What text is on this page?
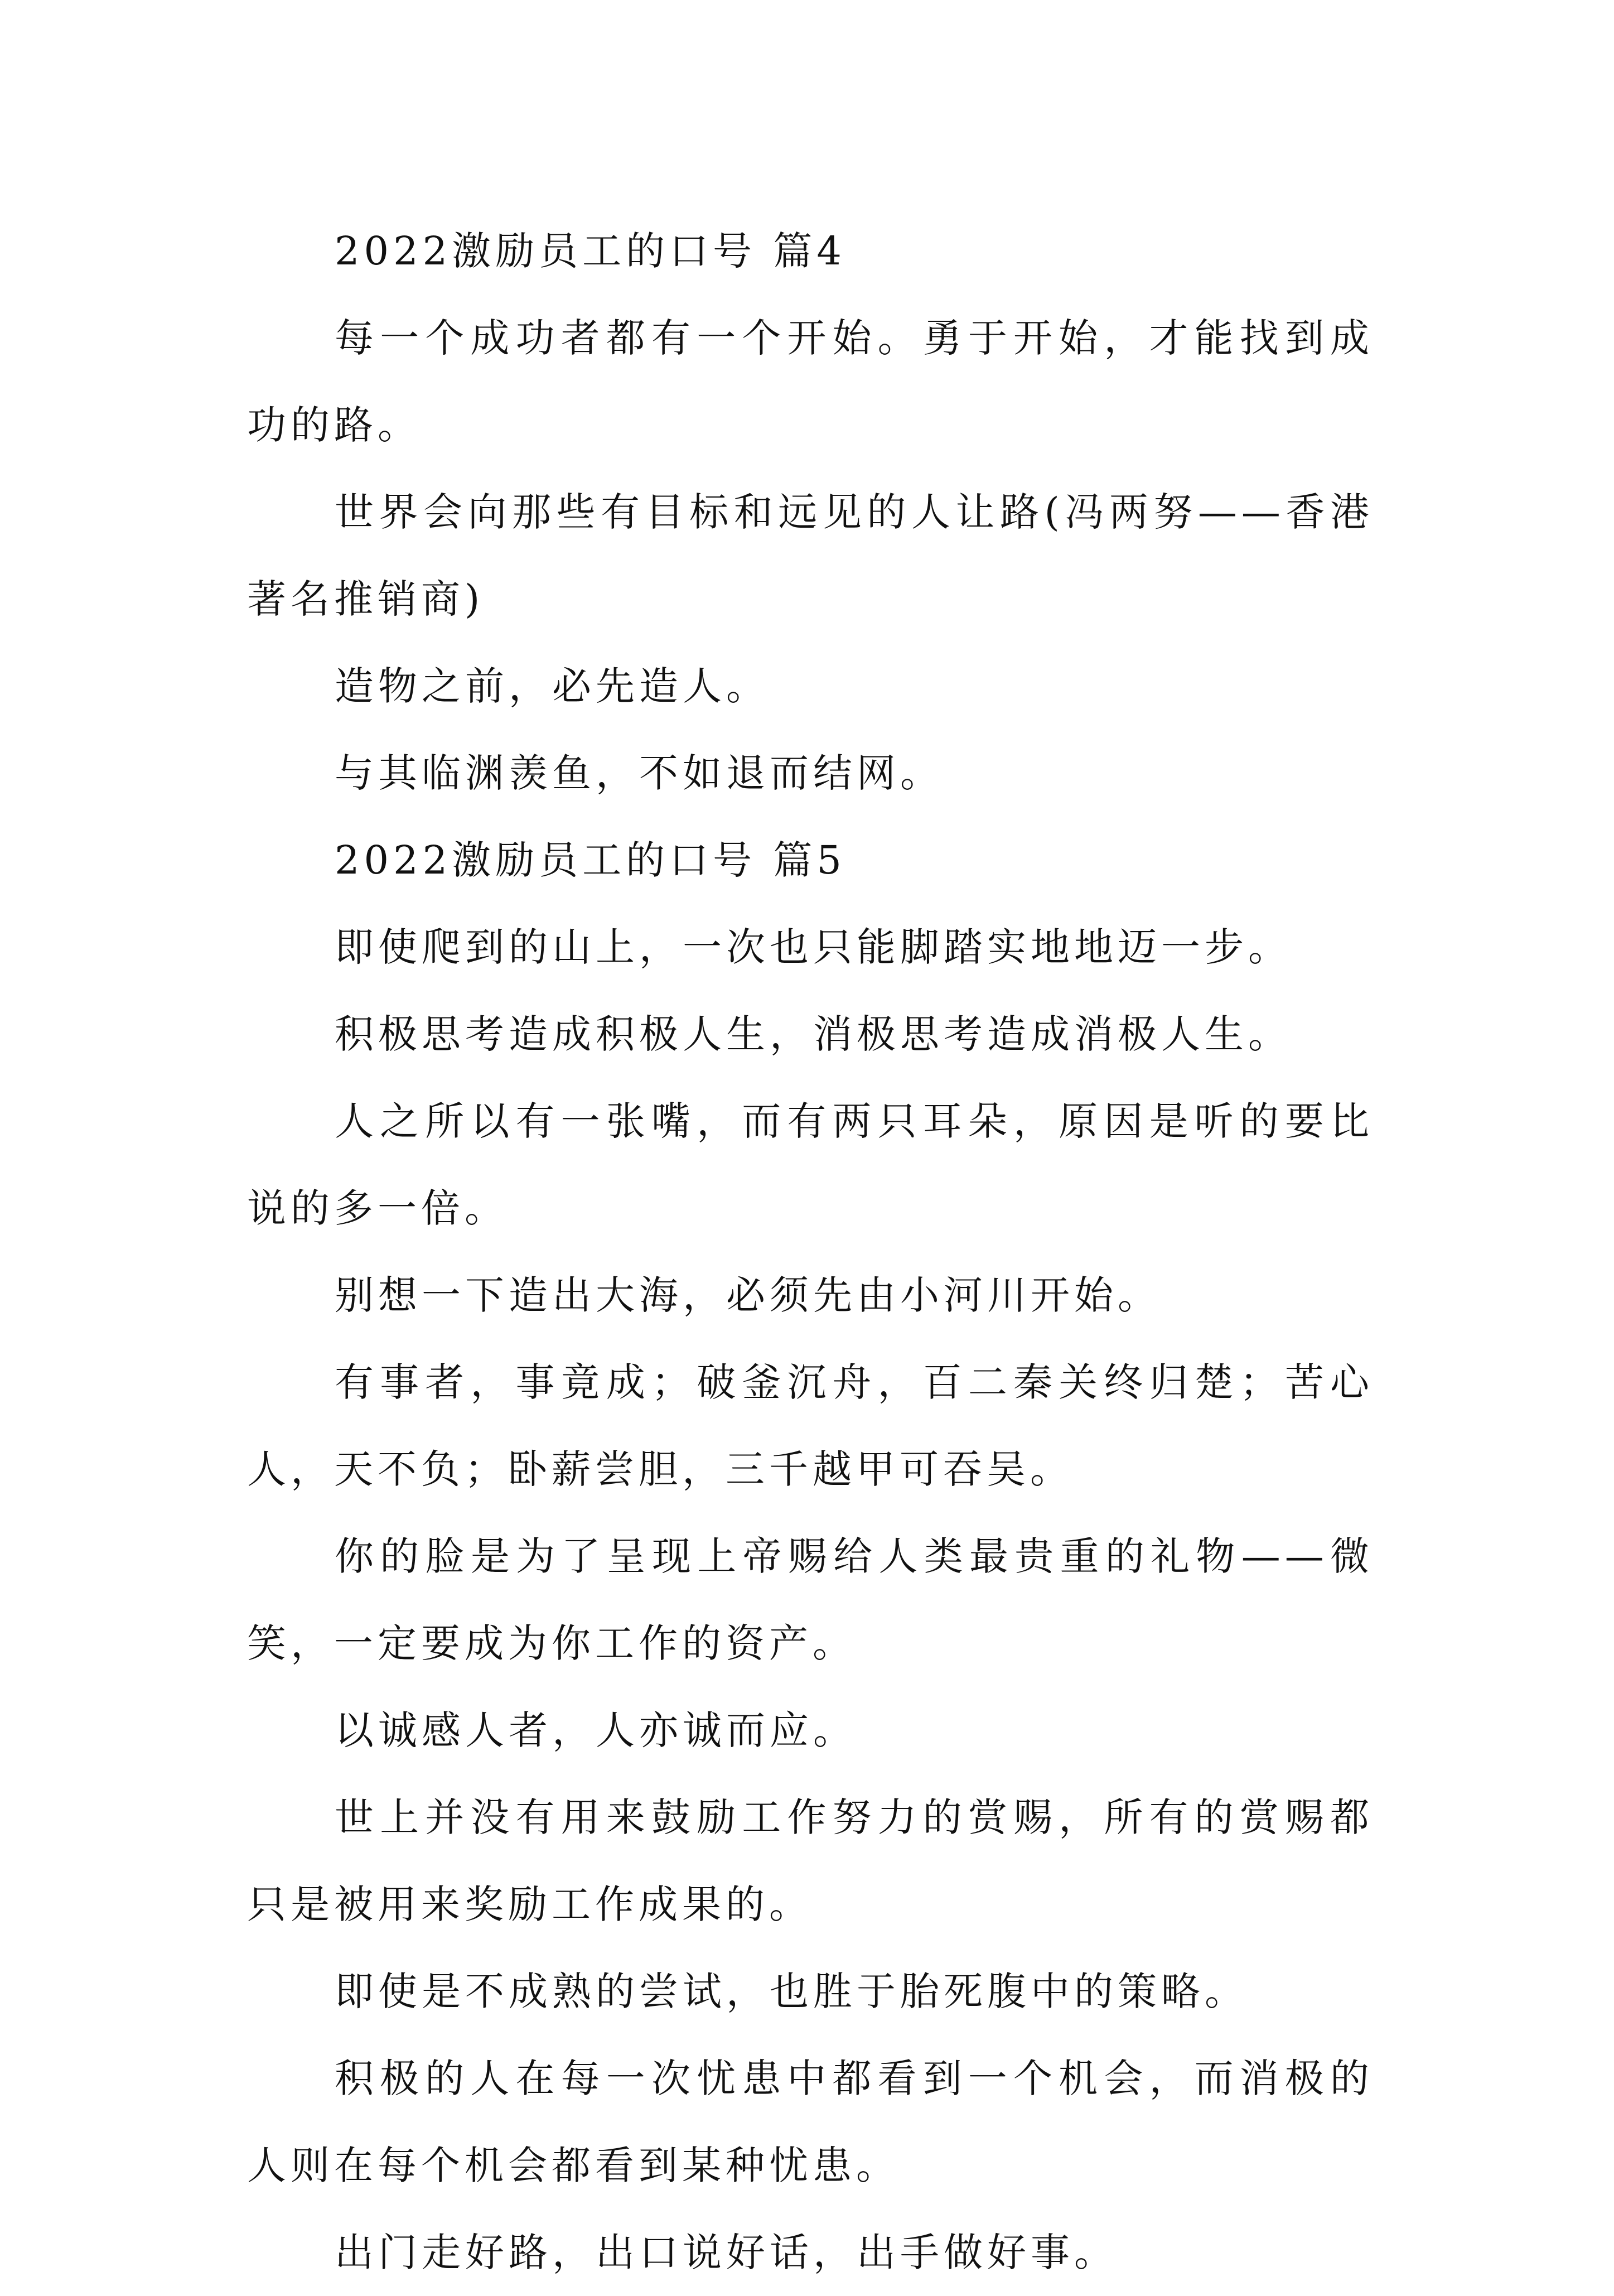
2022激励员工的口号 篇4

每一个成功者都有一个开始。勇于开始，才能找到成功的路。

世界会向那些有目标和远见的人让路(冯两努——香港著名推销商)

造物之前，必先造人。

与其临渊羡鱼，不如退而结网。

2022激励员工的口号 篇5

即使爬到的山上，一次也只能脚踏实地地迈一步。

积极思考造成积极人生，消极思考造成消极人生。

人之所以有一张嘴，而有两只耳朵，原因是听的要比说的多一倍。

别想一下造出大海，必须先由小河川开始。

有事者，事竟成；破釜沉舟，百二秦关终归楚；苦心人，天不负；卧薪尝胆，三千越甲可吞吴。

你的脸是为了呈现上帝赐给人类最贵重的礼物——微笑，一定要成为你工作的资产。

以诚感人者，人亦诚而应。

世上并没有用来鼓励工作努力的赏赐，所有的赏赐都只是被用来奖励工作成果的。

即使是不成熟的尝试，也胜于胎死腹中的策略。

积极的人在每一次忧患中都看到一个机会，而消极的人则在每个机会都看到某种忧患。

出门走好路，出口说好话，出手做好事。
